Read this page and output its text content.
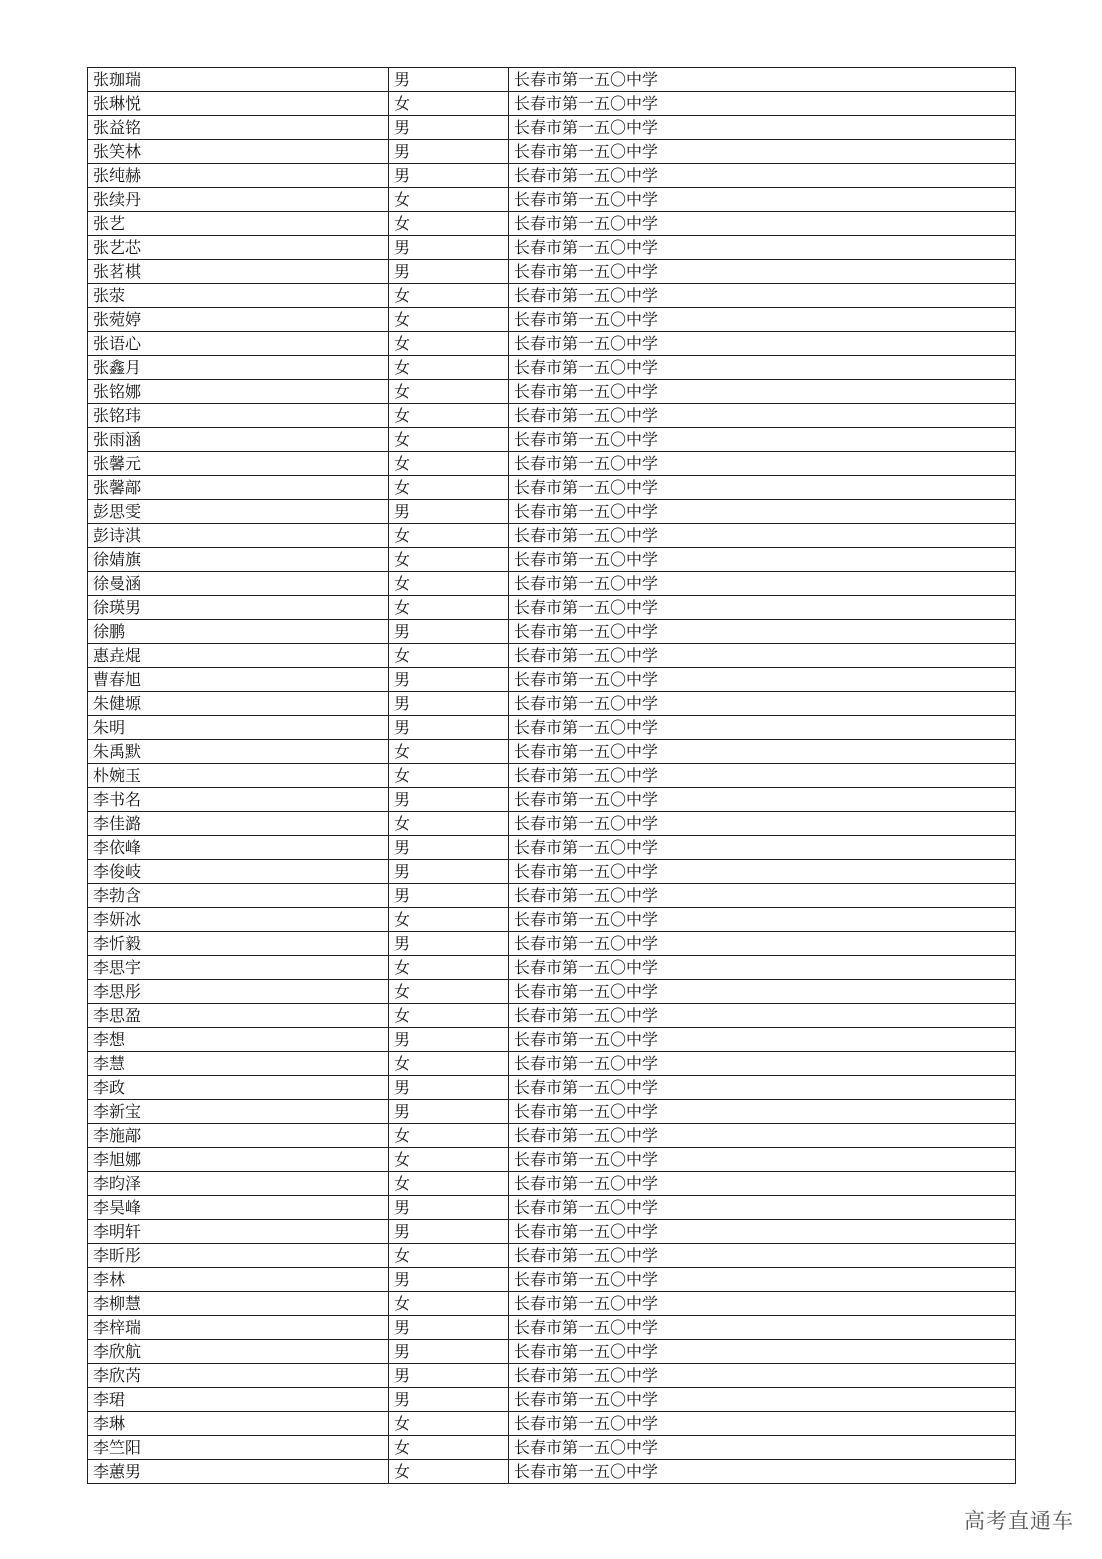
张珈瑞	男	长春市第一五〇中学
张琳悦	女	长春市第一五〇中学
张益铭	男	长春市第一五〇中学
张笑林	男	长春市第一五〇中学
张纯赫	男	长春市第一五〇中学
张续丹	女	长春市第一五〇中学
张艺	女	长春市第一五〇中学
张艺芯	男	长春市第一五〇中学
张茗棋	男	长春市第一五〇中学
张荥	女	长春市第一五〇中学
张菀婷	女	长春市第一五〇中学
张语心	女	长春市第一五〇中学
张鑫月	女	长春市第一五〇中学
张铭娜	女	长春市第一五〇中学
张铭玮	女	长春市第一五〇中学
张雨涵	女	长春市第一五〇中学
张馨元	女	长春市第一五〇中学
张馨鄗	女	长春市第一五〇中学
彭思雯	男	长春市第一五〇中学
彭诗淇	女	长春市第一五〇中学
徐婧旗	女	长春市第一五〇中学
徐曼涵	女	长春市第一五〇中学
徐瑛男	女	长春市第一五〇中学
徐鹏	男	长春市第一五〇中学
惠垚焜	女	长春市第一五〇中学
曹春旭	男	长春市第一五〇中学
朱健塬	男	长春市第一五〇中学
朱明	男	长春市第一五〇中学
朱禹默	女	长春市第一五〇中学
朴婉玉	女	长春市第一五〇中学
李书名	男	长春市第一五〇中学
李佳潞	女	长春市第一五〇中学
李依峰	男	长春市第一五〇中学
李俊岐	男	长春市第一五〇中学
李勃含	男	长春市第一五〇中学
李妍冰	女	长春市第一五〇中学
李忻毅	男	长春市第一五〇中学
李思宇	女	长春市第一五〇中学
李思彤	女	长春市第一五〇中学
李思盈	女	长春市第一五〇中学
李想	男	长春市第一五〇中学
李慧	女	长春市第一五〇中学
李政	男	长春市第一五〇中学
李新宝	男	长春市第一五〇中学
李施鄗	女	长春市第一五〇中学
李旭娜	女	长春市第一五〇中学
李昀泽	女	长春市第一五〇中学
李昊峰	男	长春市第一五〇中学
李明轩	男	长春市第一五〇中学
李昕彤	女	长春市第一五〇中学
李林	男	长春市第一五〇中学
李柳慧	女	长春市第一五〇中学
李梓瑞	男	长春市第一五〇中学
李欣航	男	长春市第一五〇中学
李欣芮	男	长春市第一五〇中学
李珺	男	长春市第一五〇中学
李琳	女	长春市第一五〇中学
李竺阳	女	长春市第一五〇中学
李蕙男	女	长春市第一五〇中学
高考直通车
